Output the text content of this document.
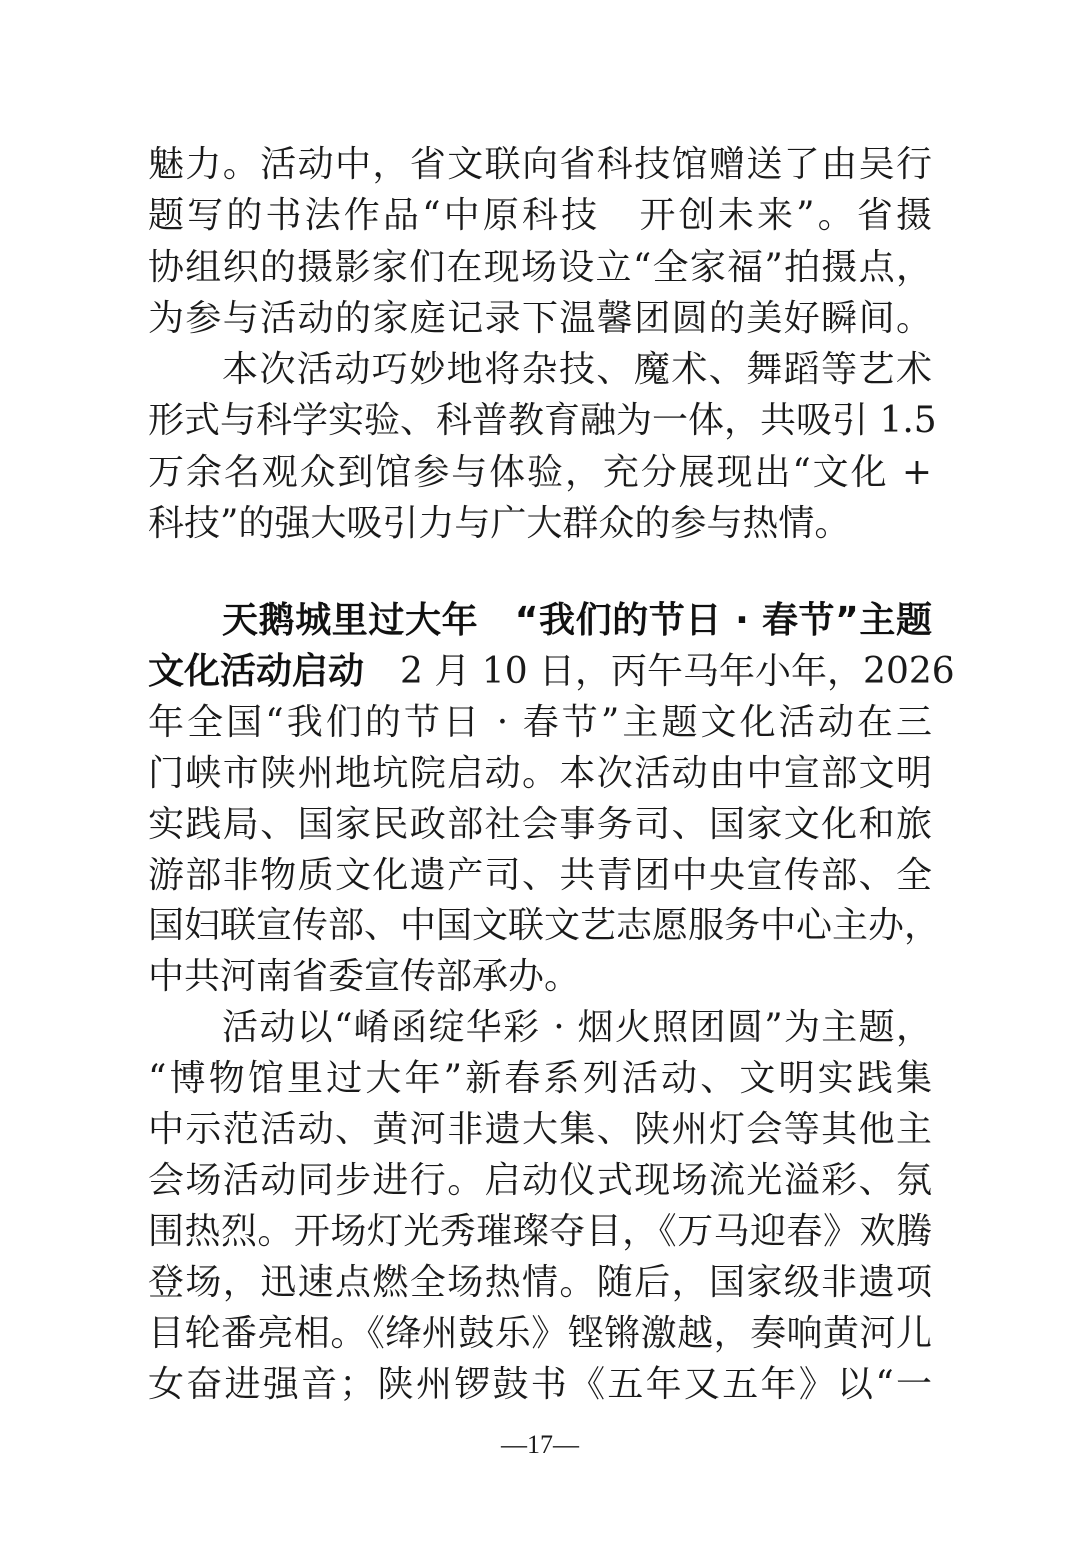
魅力。活动中，省文联向省科技馆赠送了由吴行
题写的书法作品“中原科技　开创未来”。省摄
协组织的摄影家们在现场设立“全家福”拍摄点，
为参与活动的家庭记录下温馨团圆的美好瞬间。
本次活动巧妙地将杂技、魔术、舞蹈等艺术
形式与科学实验、科普教育融为一体，共吸引 1.5
万余名观众到馆参与体验，充分展现出“文化 +
科技”的强大吸引力与广大群众的参与热情。
天鹅城里过大年　“我们的节日 · 春节”主题
文化活动启动　2 月 10 日，丙午马年小年，2026
年全国“我们的节日 · 春节”主题文化活动在三
门峡市陕州地坑院启动。本次活动由中宣部文明
实践局、国家民政部社会事务司、国家文化和旅
游部非物质文化遗产司、共青团中央宣传部、全
国妇联宣传部、中国文联文艺志愿服务中心主办，
中共河南省委宣传部承办。
活动以“崤函绽华彩 · 烟火照团圆”为主题，
“博物馆里过大年”新春系列活动、文明实践集
中示范活动、黄河非遗大集、陕州灯会等其他主
会场活动同步进行。启动仪式现场流光溢彩、氛
围热烈。开场灯光秀璀璨夺目，《万马迎春》欢腾
登场，迅速点燃全场热情。随后，国家级非遗项
目轮番亮相。《绛州鼓乐》铿锵激越，奏响黄河儿
女奋进强音；陕州锣鼓书《五年又五年》以“一
—17—
